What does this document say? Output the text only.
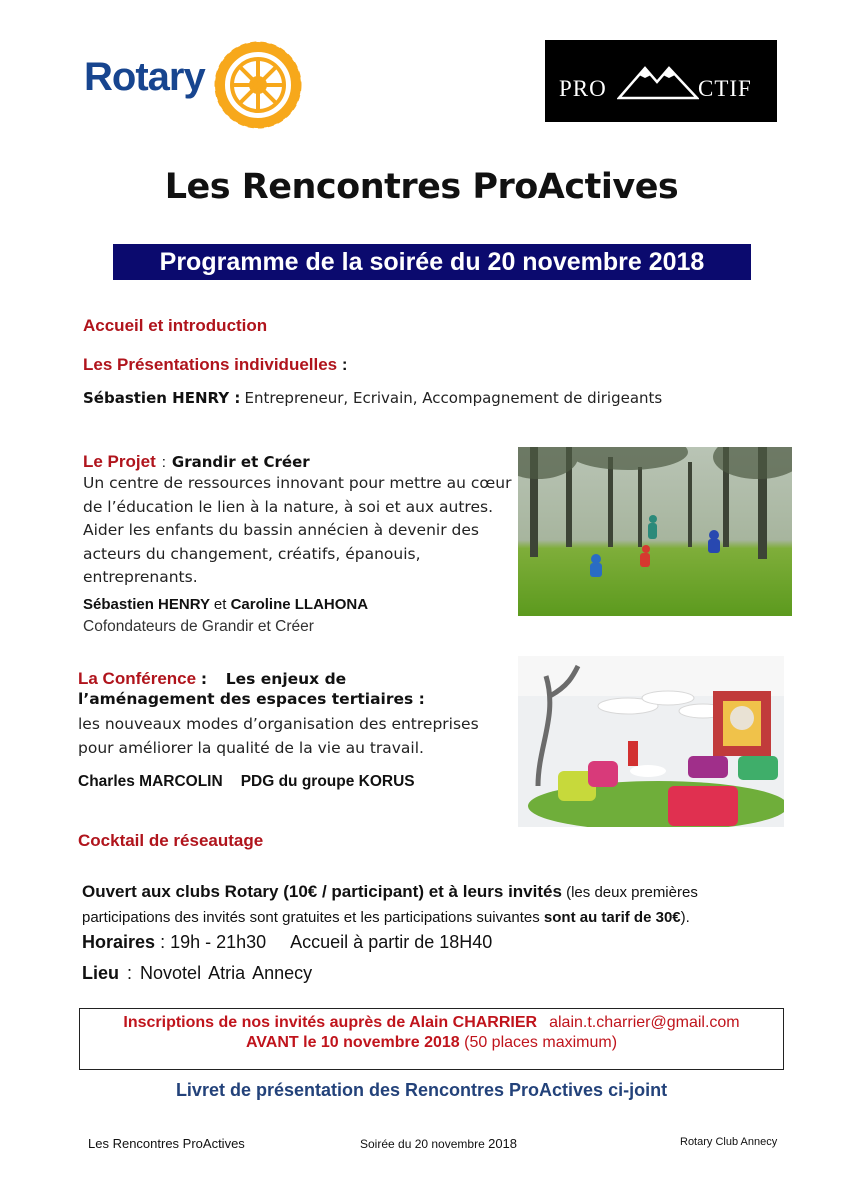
Rotary	PRO	CTIF
Les Rencontres ProActives
Programme de la soirée du 20 novembre 2018
Accueil et introduction
Les Présentations individuelles :
Sébastien HENRY : Entrepreneur, Ecrivain, Accompagnement de dirigeants
Le Projet : Grandir et Créer
Un centre de ressources innovant pour mettre au cœur de l’éducation le lien à la nature, à soi et aux autres. Aider les enfants du bassin annécien à devenir des acteurs du changement, créatifs, épanouis, entreprenants.
Sébastien HENRY et Caroline LLAHONA
Cofondateurs de Grandir et Créer
La Conférence : Les enjeux de
l’aménagement des espaces tertiaires :
les nouveaux modes d’organisation des entreprises pour améliorer la qualité de la vie au travail.
Charles MARCOLIN PDG du groupe KORUS
Cocktail de réseautage
Ouvert aux clubs Rotary (10€ / participant) et à leurs invités (les deux premières participations des invités sont gratuites et les participations suivantes sont au tarif de 30€).
Horaires : 19h - 21h30 Accueil à partir de 18H40
Lieu : Novotel Atria Annecy
Inscriptions de nos invités auprès de Alain CHARRIER alain.t.charrier@gmail.com
AVANT le 10 novembre 2018 (50 places maximum)
Livret de présentation des Rencontres ProActives ci-joint
Les Rencontres ProActives	Soirée du 20 novembre 2018	Rotary Club Annecy
